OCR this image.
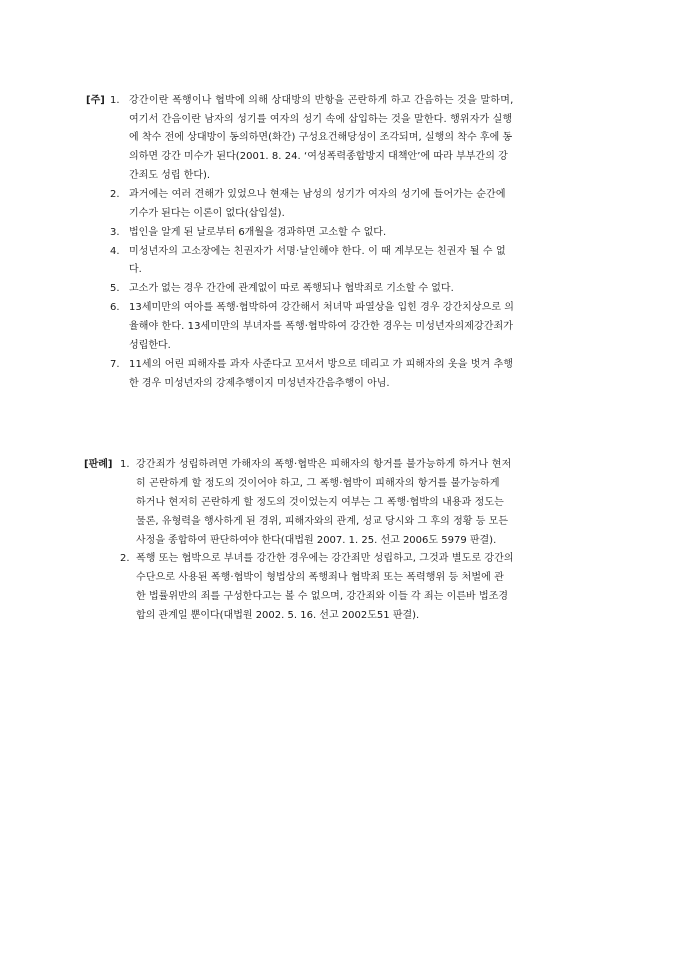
[주] 1. 강간이란 폭행이나 협박에 의해 상대방의 반항을 곤란하게 하고 간음하는 것을 말하며,
여기서 간음이란 남자의 성기를 여자의 성기 속에 삽입하는 것을 말한다. 행위자가 실행
에 착수 전에 상대방이 동의하면(화간) 구성요건해당성이 조각되며, 실행의 착수 후에 동
의하면 강간 미수가 된다(2001. 8. 24. ‘여성폭력종합방지 대책안’에 따라 부부간의 강
간죄도 성립 한다).
2. 과거에는 여러 견해가 있었으나 현재는 남성의 성기가 여자의 성기에 들어가는 순간에
기수가 된다는 이론이 없다(삽입설).
3. 법인을 알게 된 날로부터 6개월을 경과하면 고소할 수 없다.
4. 미성년자의 고소장에는 친권자가 서명·날인해야 한다. 이 때 계부모는 친권자 될 수 없
다.
5. 고소가 없는 경우 간간에 관계없이 따로 폭행되나 협박죄로 기소할 수 없다.
6. 13세미만의 여아를 폭행·협박하여 강간해서 처녀막 파열상을 입힌 경우 강간치상으로 의
율해야 한다. 13세미만의 부녀자를 폭행·협박하여 강간한 경우는 미성년자의제강간죄가
성립한다.
7. 11세의 어린 피해자를 과자 사준다고 꼬셔서 방으로 데리고 가 피해자의 옷을 벗겨 추행
한 경우 미성년자의 강제추행이지 미성년자간음추행이 아님.
[판례] 1. 강간죄가 성립하려면 가해자의 폭행·협박은 피해자의 항거를 불가능하게 하거나 현저
히 곤란하게 할 정도의 것이어야 하고, 그 폭행·협박이 피해자의 항거를 불가능하게
하거나 현저히 곤란하게 할 정도의 것이었는지 여부는 그 폭행·협박의 내용과 정도는
물론, 유형력을 행사하게 된 경위, 피해자와의 관계, 성교 당시와 그 후의 정황 등 모든
사정을 종합하여 판단하여야 한다(대법원 2007. 1. 25. 선고 2006도 5979 판결).
2. 폭행 또는 협박으로 부녀를 강간한 경우에는 강간죄만 성립하고, 그것과 별도로 강간의
수단으로 사용된 폭행·협박이 형법상의 폭행죄나 협박죄 또는 폭력행위 등 처벌에 관
한 법률위반의 죄를 구성한다고는 볼 수 없으며, 강간죄와 이들 각 죄는 이른바 법조경
합의 관계일 뿐이다(대법원 2002. 5. 16. 선고 2002도51 판결).
